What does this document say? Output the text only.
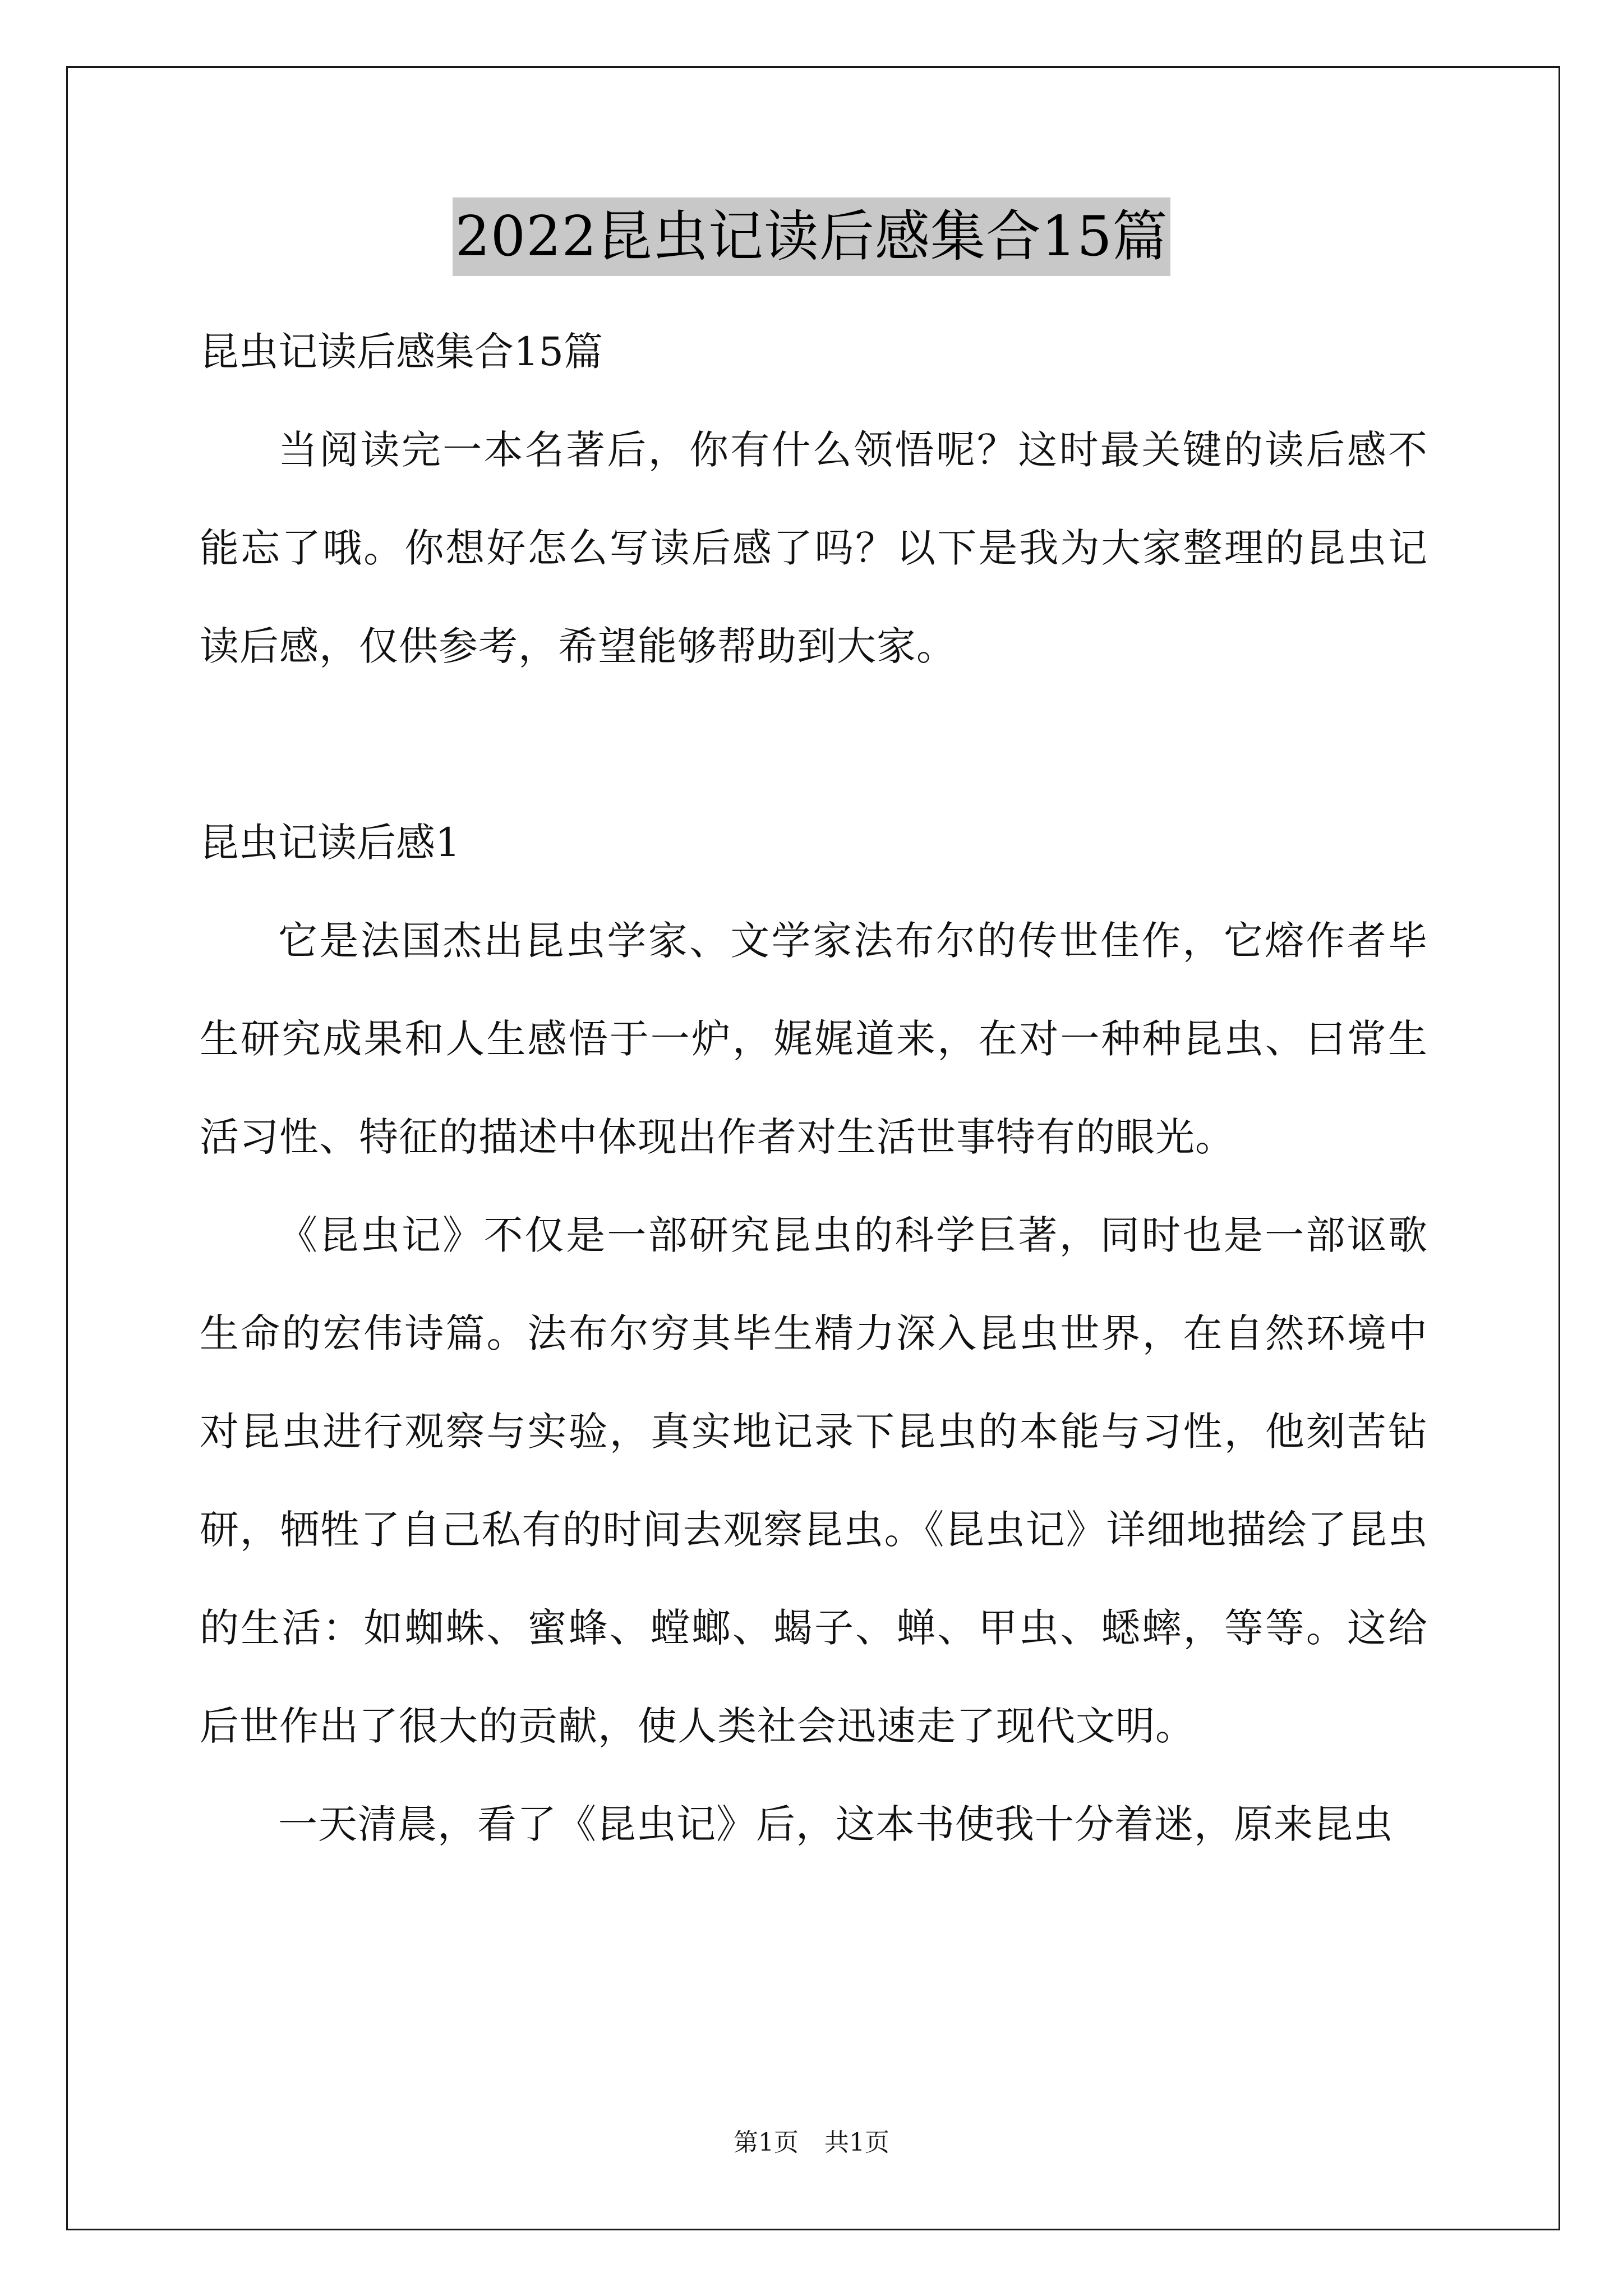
2022昆虫记读后感集合15篇

昆虫记读后感集合15篇

当阅读完一本名著后，你有什么领悟呢？这时最关键的读后感不能忘了哦。你想好怎么写读后感了吗？以下是我为大家整理的昆虫记读后感，仅供参考，希望能够帮助到大家。

昆虫记读后感1

它是法国杰出昆虫学家、文学家法布尔的传世佳作，它熔作者毕生研究成果和人生感悟于一炉，娓娓道来，在对一种种昆虫、曰常生活习性、特征的描述中体现出作者对生活世事特有的眼光。

《昆虫记》不仅是一部研究昆虫的科学巨著，同时也是一部讴歌生命的宏伟诗篇。法布尔穷其毕生精力深入昆虫世界，在自然环境中对昆虫进行观察与实验，真实地记录下昆虫的本能与习性，他刻苦钻研，牺牲了自己私有的时间去观察昆虫。《昆虫记》详细地描绘了昆虫的生活：如蜘蛛、蜜蜂、螳螂、蝎子、蝉、甲虫、蟋蟀，等等。这给后世作出了很大的贡献，使人类社会迅速走了现代文明。

一天清晨，看了《昆虫记》后，这本书使我十分着迷，原来昆虫

第1页 共1页
